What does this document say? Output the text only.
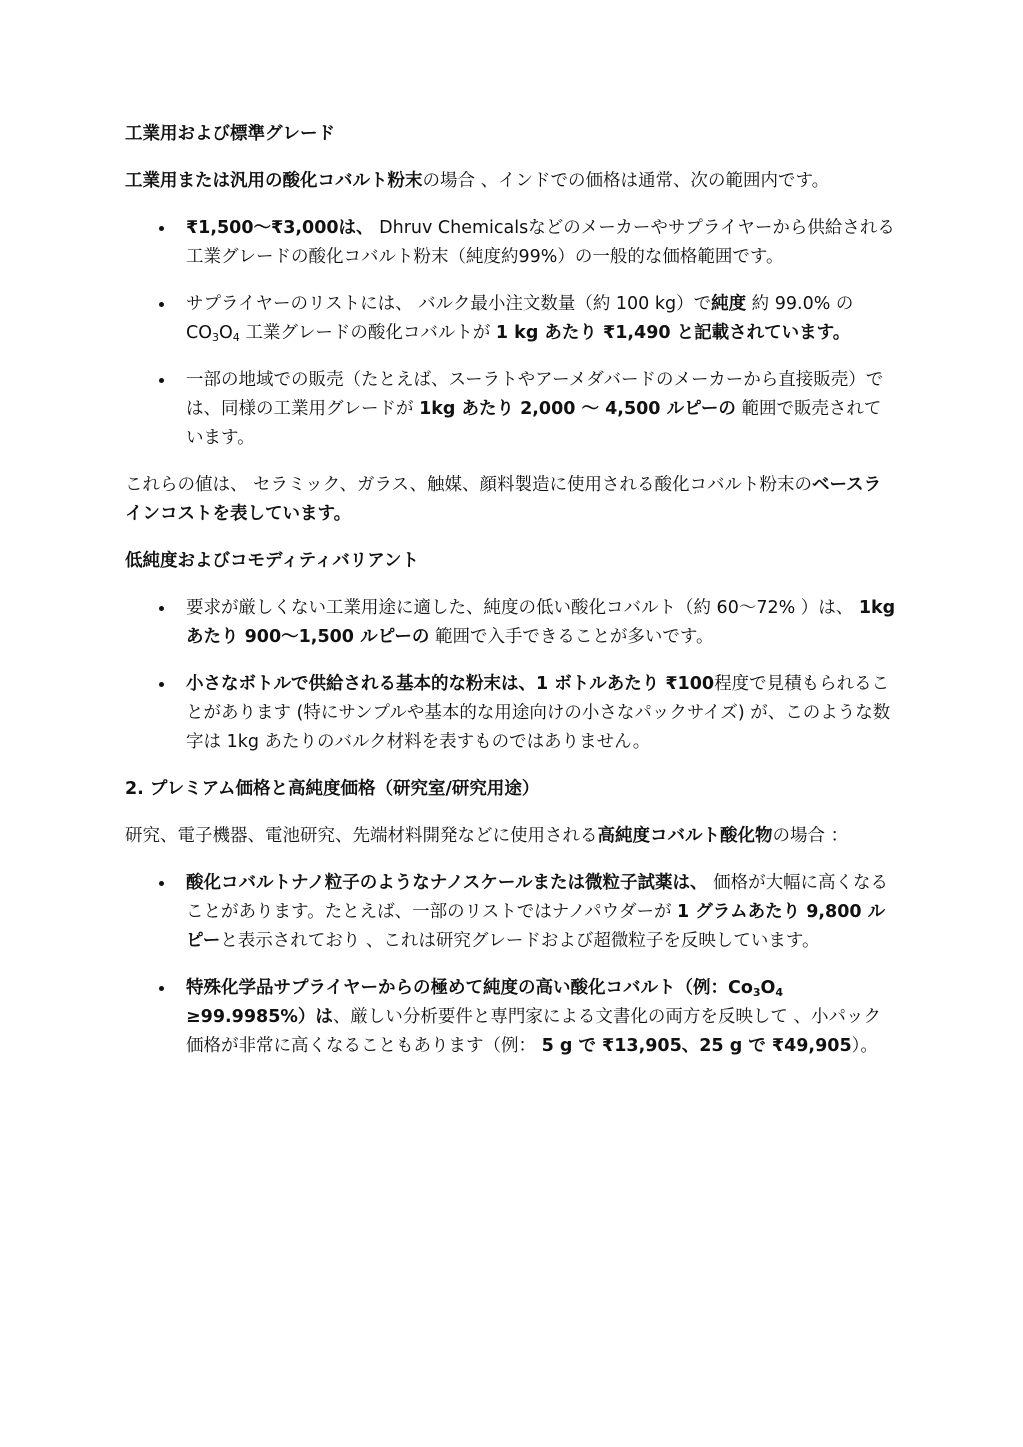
工業用および標準グレード
工業用または汎用の酸化コバルト粉末の場合 、インドでの価格は通常、次の範囲内です。
₹1,500〜₹3,000は、 Dhruv Chemicalsなどのメーカーやサプライヤーから供給される工業グレードの酸化コバルト粉末（純度約99%）の一般的な価格範囲です。
サプライヤーのリストには、 バルク最小注文数量（約 100 kg）で純度 約 99.0% の $CO_3O_4$ 工業グレードの酸化コバルトが 1 kg あたり ₹1,490 と記載されています。
一部の地域での販売（たとえば、スーラトやアーメダバードのメーカーから直接販売）では、同様の工業用グレードが 1kg あたり 2,000 〜 4,500 ルピーの 範囲で販売されています。
これらの値は、 セラミック、ガラス、触媒、顔料製造に使用される酸化コバルト粉末のベースラインコストを表しています。
低純度およびコモディティバリアント
要求が厳しくない工業用途に適した、純度の低い酸化コバルト（約 60〜72% ）は、 1kg あたり 900〜1,500 ルピーの 範囲で入手できることが多いです。
小さなボトルで供給される基本的な粉末は、1 ボトルあたり ₹100程度で見積もられることがあります (特にサンプルや基本的な用途向けの小さなパックサイズ) が、このような数字は 1kg あたりのバルク材料を表すものではありません。
2. プレミアム価格と高純度価格（研究室/研究用途）
研究、電子機器、電池研究、先端材料開発などに使用される高純度コバルト酸化物の場合 ：
酸化コバルトナノ粒子のようなナノスケールまたは微粒子試薬は、 価格が大幅に高くなることがあります。たとえば、一部のリストではナノパウダーが 1 グラムあたり 9,800 ルピーと表示されており 、これは研究グレードおよび超微粒子を反映しています。
特殊化学品サプライヤーからの極めて純度の高い酸化コバルト（例：$Co_3O_4 \ge 99.9985\%$）は、厳しい分析要件と専門家による文書化の両方を反映して 、小パック価格が非常に高くなることもあります（例： 5 g で ₹13,905、25 g で ₹49,905）。
